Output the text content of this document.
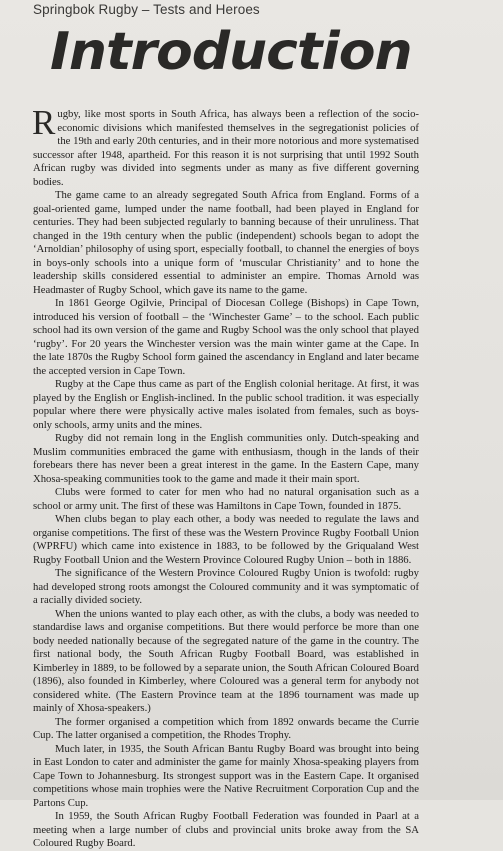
Springbok Rugby – Tests and Heroes
Introduction

Rugby, like most sports in South Africa, has always been a reflection of the socio-economic divisions which manifested themselves in the segregationist policies of the 19th and early 20th centuries, and in their more notorious and more systematised successor after 1948, apartheid. For this reason it is not surprising that until 1992 South African rugby was divided into segments under as many as five different governing bodies.

The game came to an already segregated South Africa from England. Forms of a goal-oriented game, lumped under the name football, had been played in England for centuries. They had been subjected regularly to banning because of their unruliness. That changed in the 19th century when the public (independent) schools began to adopt the ‘Arnoldian’ philosophy of using sport, especially football, to channel the energies of boys in boys-only schools into a unique form of ‘muscular Christianity’ and to hone the leadership skills considered essential to administer an empire. Thomas Arnold was Headmaster of Rugby School, which gave its name to the game.

In 1861 George Ogilvie, Principal of Diocesan College (Bishops) in Cape Town, introduced his version of football – the ‘Winchester Game’ – to the school. Each public school had its own version of the game and Rugby School was the only school that played ‘rugby’. For 20 years the Winchester version was the main winter game at the Cape. In the late 1870s the Rugby School form gained the ascendancy in England and later became the accepted version in Cape Town.

Rugby at the Cape thus came as part of the English colonial heritage. At first, it was played by the English or English-inclined. In the public school tradition. it was especially popular where there were physically active males isolated from females, such as boys-only schools, army units and the mines.

Rugby did not remain long in the English communities only. Dutch-speaking and Muslim communities embraced the game with enthusiasm, though in the lands of their forebears there has never been a great interest in the game. In the Eastern Cape, many Xhosa-speaking communities took to the game and made it their main sport.

Clubs were formed to cater for men who had no natural organisation such as a school or army unit. The first of these was Hamiltons in Cape Town, founded in 1875.

When clubs began to play each other, a body was needed to regulate the laws and organise competitions. The first of these was the Western Province Rugby Football Union (WPRFU) which came into existence in 1883, to be followed by the Griqualand West Rugby Football Union and the Western Province Coloured Rugby Union – both in 1886.

The significance of the Western Province Coloured Rugby Union is twofold: rugby had developed strong roots amongst the Coloured community and it was symptomatic of a racially divided society.

When the unions wanted to play each other, as with the clubs, a body was needed to standardise laws and organise competitions. But there would perforce be more than one body needed nationally because of the segregated nature of the game in the country. The first national body, the South African Rugby Football Board, was established in Kimberley in 1889, to be followed by a separate union, the South African Coloured Board (1896), also founded in Kimberley, where Coloured was a general term for anybody not considered white. (The Eastern Province team at the 1896 tournament was made up mainly of Xhosa-speakers.)

The former organised a competition which from 1892 onwards became the Currie Cup. The latter organised a competition, the Rhodes Trophy.

Much later, in 1935, the South African Bantu Rugby Board was brought into being in East London to cater and administer the game for mainly Xhosa-speaking players from Cape Town to Johannesburg. Its strongest support was in the Eastern Cape. It organised competitions whose main trophies were the Native Recruitment Corporation Cup and the Partons Cup.

In 1959, the South African Rugby Football Federation was founded in Paarl at a meeting when a large number of clubs and provincial units broke away from the SA Coloured Rugby Board.
